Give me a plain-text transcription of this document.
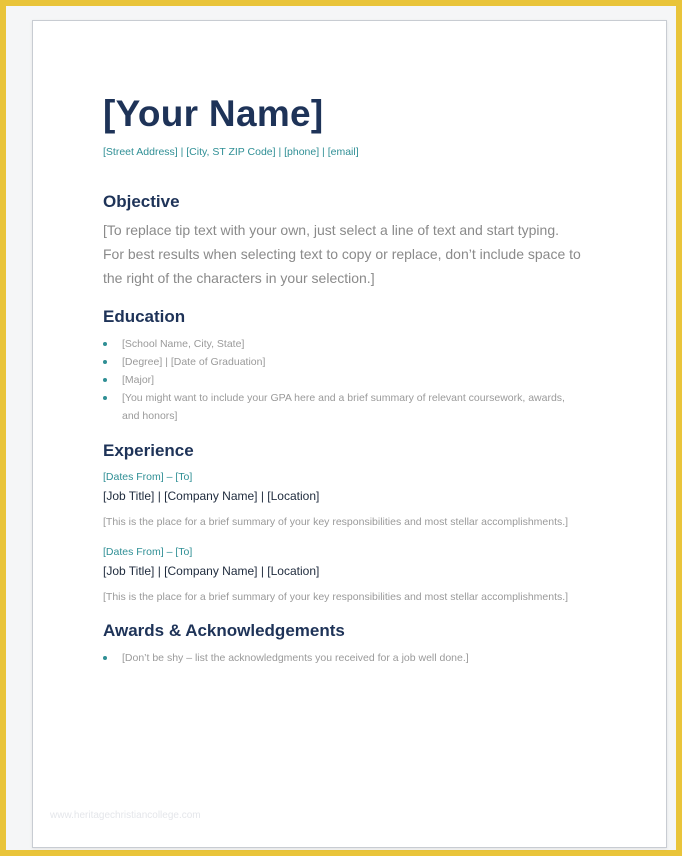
[Your Name]
[Street Address] | [City, ST ZIP Code] | [phone] | [email]
Objective
[To replace tip text with your own, just select a line of text and start typing. For best results when selecting text to copy or replace, don’t include space to the right of the characters in your selection.]
Education
[School Name, City, State]
[Degree] | [Date of Graduation]
[Major]
[You might want to include your GPA here and a brief summary of relevant coursework, awards, and honors]
Experience
[Dates From] – [To]
[Job Title] | [Company Name] | [Location]
[This is the place for a brief summary of your key responsibilities and most stellar accomplishments.]
[Dates From] – [To]
[Job Title] | [Company Name] | [Location]
[This is the place for a brief summary of your key responsibilities and most stellar accomplishments.]
Awards & Acknowledgements
[Don’t be shy – list the acknowledgments you received for a job well done.]
www.heritagechristiancollege.com
